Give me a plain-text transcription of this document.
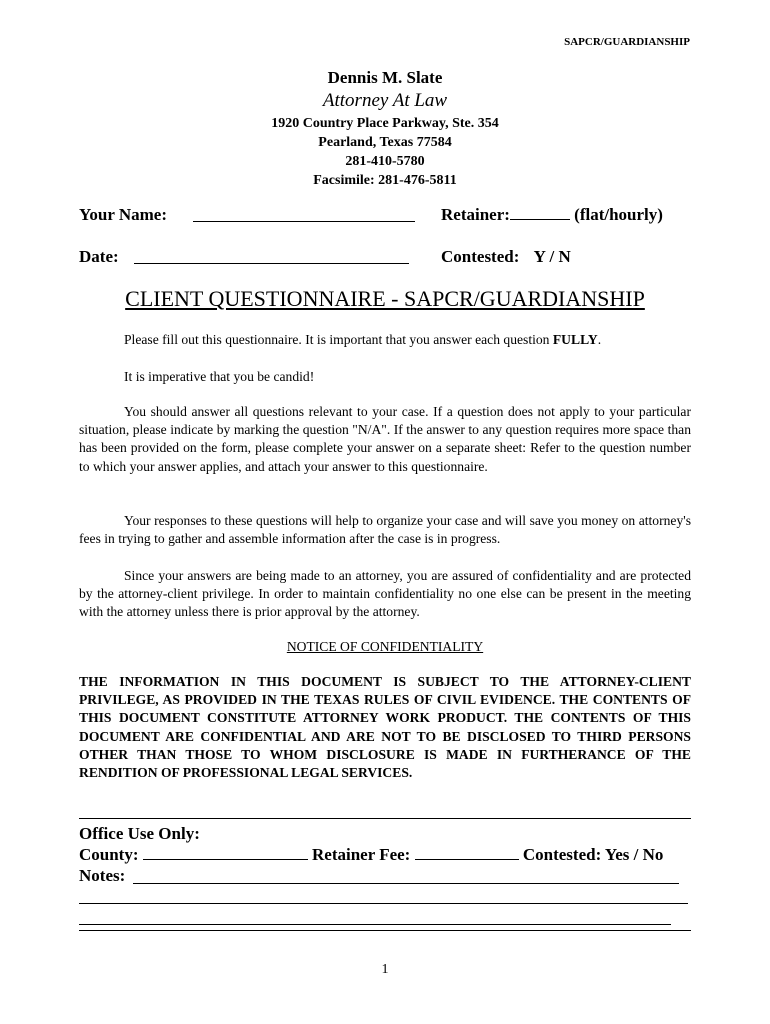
SAPCR/GUARDIANSHIP
Dennis M. Slate
Attorney At Law
1920 Country Place Parkway, Ste. 354
Pearland, Texas 77584
281-410-5780
Facsimile: 281-476-5811
Your Name:	Retainer:	(flat/hourly)
Date:	Contested: Y / N
CLIENT QUESTIONNAIRE - SAPCR/GUARDIANSHIP
Please fill out this questionnaire. It is important that you answer each question FULLY.
It is imperative that you be candid!
You should answer all questions relevant to your case. If a question does not apply to your particular situation, please indicate by marking the question "N/A". If the answer to any question requires more space than has been provided on the form, please complete your answer on a separate sheet: Refer to the question number to which your answer applies, and attach your answer to this questionnaire.
Your responses to these questions will help to organize your case and will save you money on attorney's fees in trying to gather and assemble information after the case is in progress.
Since your answers are being made to an attorney, you are assured of confidentiality and are protected by the attorney-client privilege. In order to maintain confidentiality no one else can be present in the meeting with the attorney unless there is prior approval by the attorney.
NOTICE OF CONFIDENTIALITY
THE INFORMATION IN THIS DOCUMENT IS SUBJECT TO THE ATTORNEY-CLIENT PRIVILEGE, AS PROVIDED IN THE TEXAS RULES OF CIVIL EVIDENCE. THE CONTENTS OF THIS DOCUMENT CONSTITUTE ATTORNEY WORK PRODUCT. THE CONTENTS OF THIS DOCUMENT ARE CONFIDENTIAL AND ARE NOT TO BE DISCLOSED TO THIRD PERSONS OTHER THAN THOSE TO WHOM DISCLOSURE IS MADE IN FURTHERANCE OF THE RENDITION OF PROFESSIONAL LEGAL SERVICES.
Office Use Only:
County:	Retainer Fee:	Contested: Yes / No
Notes:
1
